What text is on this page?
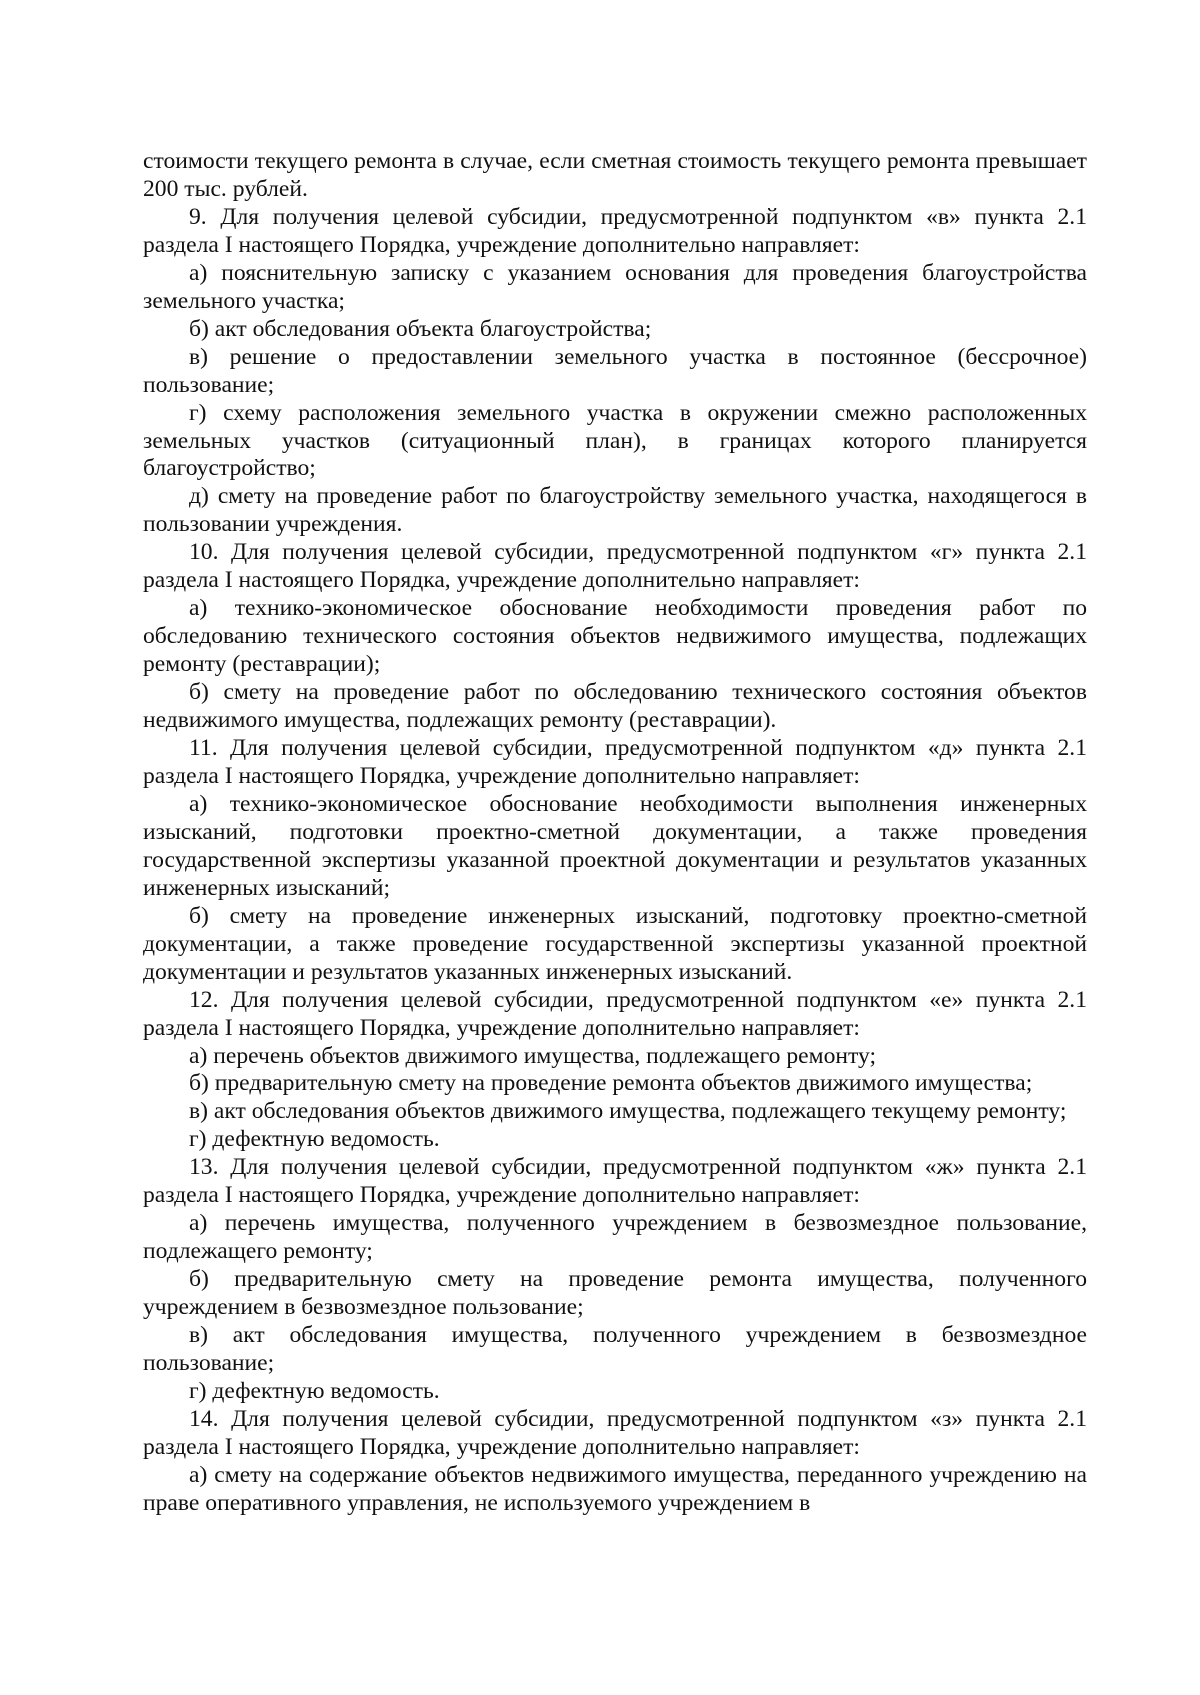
стоимости текущего ремонта в случае, если сметная стоимость текущего ремонта превышает 200 тыс. рублей.

9. Для получения целевой субсидии, предусмотренной подпунктом «в» пункта 2.1 раздела I настоящего Порядка, учреждение дополнительно направляет:

а) пояснительную записку с указанием основания для проведения благоустройства земельного участка;

б) акт обследования объекта благоустройства;

в) решение о предоставлении земельного участка в постоянное (бессрочное) пользование;

г) схему расположения земельного участка в окружении смежно расположенных земельных участков (ситуационный план), в границах которого планируется благоустройство;

д) смету на проведение работ по благоустройству земельного участка, находящегося в пользовании учреждения.

10. Для получения целевой субсидии, предусмотренной подпунктом «г» пункта 2.1 раздела I настоящего Порядка, учреждение дополнительно направляет:

а) технико-экономическое обоснование необходимости проведения работ по обследованию технического состояния объектов недвижимого имущества, подлежащих ремонту (реставрации);

б) смету на проведение работ по обследованию технического состояния объектов недвижимого имущества, подлежащих ремонту (реставрации).

11. Для получения целевой субсидии, предусмотренной подпунктом «д» пункта 2.1 раздела I настоящего Порядка, учреждение дополнительно направляет:

а) технико-экономическое обоснование необходимости выполнения инженерных изысканий, подготовки проектно-сметной документации, а также проведения государственной экспертизы указанной проектной документации и результатов указанных инженерных изысканий;

б) смету на проведение инженерных изысканий, подготовку проектно-сметной документации, а также проведение государственной экспертизы указанной проектной документации и результатов указанных инженерных изысканий.

12. Для получения целевой субсидии, предусмотренной подпунктом «е» пункта 2.1 раздела I настоящего Порядка, учреждение дополнительно направляет:

а) перечень объектов движимого имущества, подлежащего ремонту;

б) предварительную смету на проведение ремонта объектов движимого имущества;

в) акт обследования объектов движимого имущества, подлежащего текущему ремонту;

г) дефектную ведомость.

13. Для получения целевой субсидии, предусмотренной подпунктом «ж» пункта 2.1 раздела I настоящего Порядка, учреждение дополнительно направляет:

а) перечень имущества, полученного учреждением в безвозмездное пользование, подлежащего ремонту;

б) предварительную смету на проведение ремонта имущества, полученного учреждением в безвозмездное пользование;

в) акт обследования имущества, полученного учреждением в безвозмездное пользование;

г) дефектную ведомость.

14. Для получения целевой субсидии, предусмотренной подпунктом «з» пункта 2.1 раздела I настоящего Порядка, учреждение дополнительно направляет:

а) смету на содержание объектов недвижимого имущества, переданного учреждению на праве оперативного управления, не используемого учреждением в
